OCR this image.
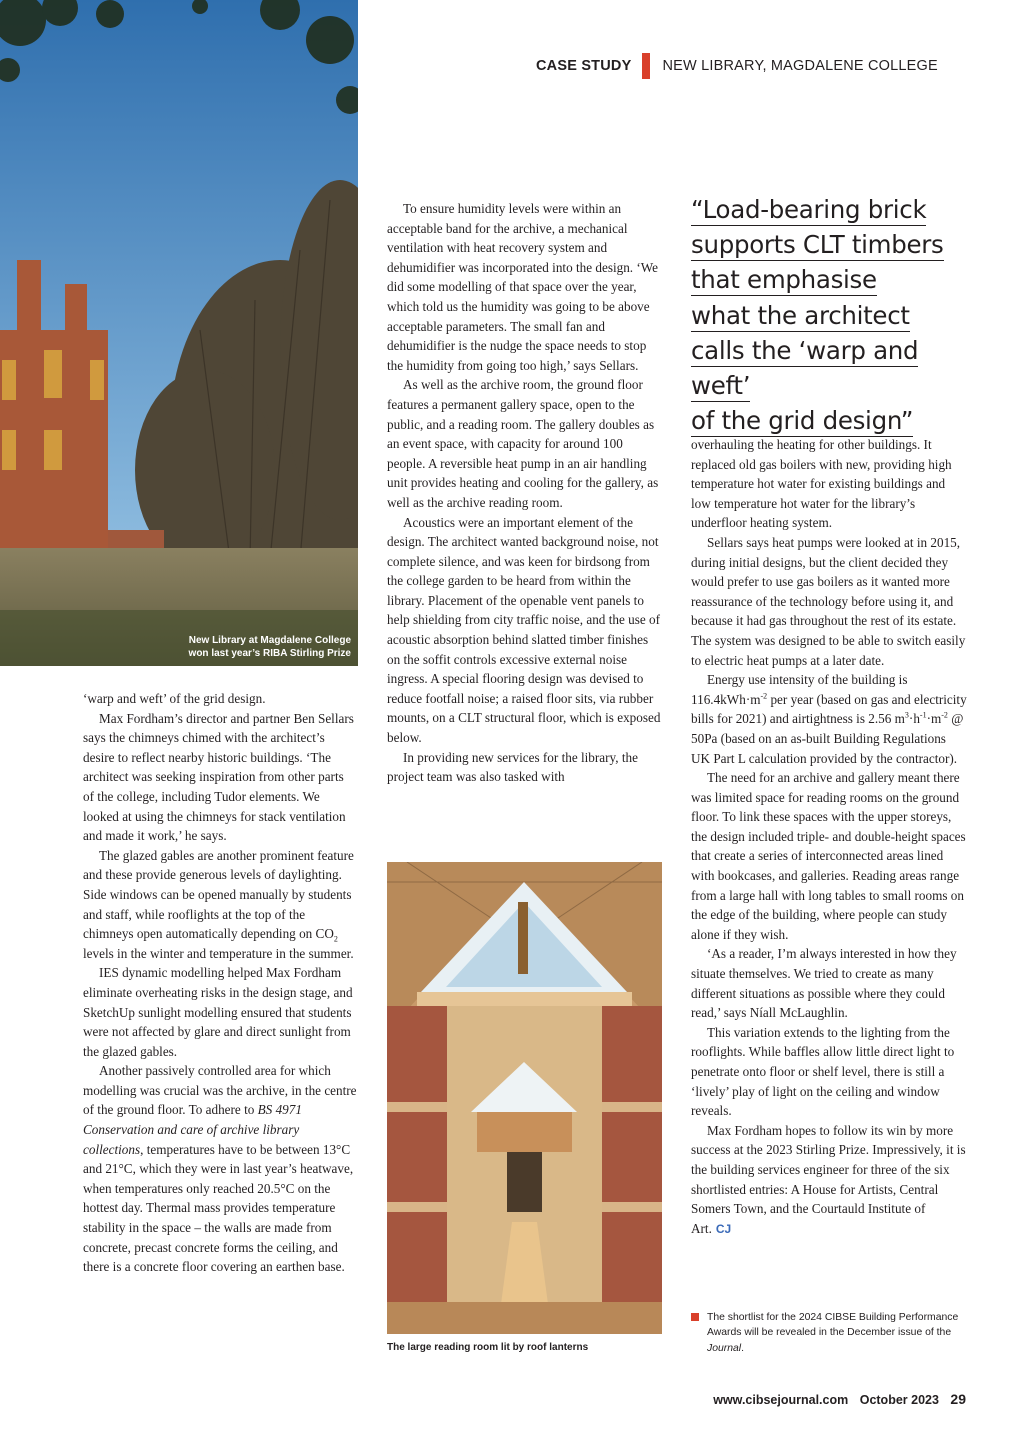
CASE STUDY NEW LIBRARY, MAGDALENE COLLEGE
New Library at Magdalene College
won last year’s RIBA Stirling Prize

‘warp and weft’ of the grid design.

Max Fordham’s director and partner Ben Sellars says the chimneys chimed with the architect’s desire to reflect nearby historic buildings. ‘The architect was seeking inspiration from other parts of the college, including Tudor elements. We looked at using the chimneys for stack ventilation and made it work,’ he says.

The glazed gables are another prominent feature and these provide generous levels of daylighting. Side windows can be opened manually by students and staff, while rooflights at the top of the chimneys open automatically depending on $CO_2$ levels in the winter and temperature in the summer.

IES dynamic modelling helped Max Fordham eliminate overheating risks in the design stage, and SketchUp sunlight modelling ensured that students were not affected by glare and direct sunlight from the glazed gables.

Another passively controlled area for which modelling was crucial was the archive, in the centre of the ground floor. To adhere to BS 4971 Conservation and care of archive library collections, temperatures have to be between 13°C and 21°C, which they were in last year’s heatwave, when temperatures only reached 20.5°C on the hottest day. Thermal mass provides temperature stability in the space – the walls are made from concrete, precast concrete forms the ceiling, and there is a concrete floor covering an earthen base.

To ensure humidity levels were within an acceptable band for the archive, a mechanical ventilation with heat recovery system and dehumidifier was incorporated into the design. ‘We did some modelling of that space over the year, which told us the humidity was going to be above acceptable parameters. The small fan and dehumidifier is the nudge the space needs to stop the humidity from going too high,’ says Sellars.

As well as the archive room, the ground floor features a permanent gallery space, open to the public, and a reading room. The gallery doubles as an event space, with capacity for around 100 people. A reversible heat pump in an air handling unit provides heating and cooling for the gallery, as well as the archive reading room.

Acoustics were an important element of the design. The architect wanted background noise, not complete silence, and was keen for birdsong from the college garden to be heard from within the library. Placement of the openable vent panels to help shielding from city traffic noise, and the use of acoustic absorption behind slatted timber finishes on the soffit controls excessive external noise ingress. A special flooring design was devised to reduce footfall noise; a raised floor sits, via rubber mounts, on a CLT structural floor, which is exposed below.

In providing new services for the library, the project team was also tasked with

The large reading room lit by roof lanterns
“Load-bearing brick
supports CLT timbers
that emphasise
what the architect
calls the ‘warp and weft’
of the grid design”

overhauling the heating for other buildings. It replaced old gas boilers with new, providing high temperature hot water for existing buildings and low temperature hot water for the library’s underfloor heating system.

Sellars says heat pumps were looked at in 2015, during initial designs, but the client decided they would prefer to use gas boilers as it wanted more reassurance of the technology before using it, and because it had gas throughout the rest of its estate. The system was designed to be able to switch easily to electric heat pumps at a later date.

Energy use intensity of the building is $116.4kWh\cdot m^{-2}$ per year (based on gas and electricity bills for 2021) and airtightness is 2.56 $m^3\cdot h^{-1}\cdot m^{-2}$ @ 50Pa (based on an as-built Building Regulations UK Part L calculation provided by the contractor).

The need for an archive and gallery meant there was limited space for reading rooms on the ground floor. To link these spaces with the upper storeys, the design included triple- and double-height spaces that create a series of interconnected areas lined with bookcases, and galleries. Reading areas range from a large hall with long tables to small rooms on the edge of the building, where people can study alone if they wish.

‘As a reader, I’m always interested in how they situate themselves. We tried to create as many different situations as possible where they could read,’ says Níall McLaughlin.

This variation extends to the lighting from the rooflights. While baffles allow little direct light to penetrate onto floor or shelf level, there is still a ‘lively’ play of light on the ceiling and window reveals.

Max Fordham hopes to follow its win by more success at the 2023 Stirling Prize. Impressively, it is the building services engineer for three of the six shortlisted entries: A House for Artists, Central Somers Town, and the Courtauld Institute of Art. CJ

The shortlist for the 2024 CIBSE Building Performance Awards will be revealed in the December issue of the Journal.
www.cibsejournal.com October 2023 29
